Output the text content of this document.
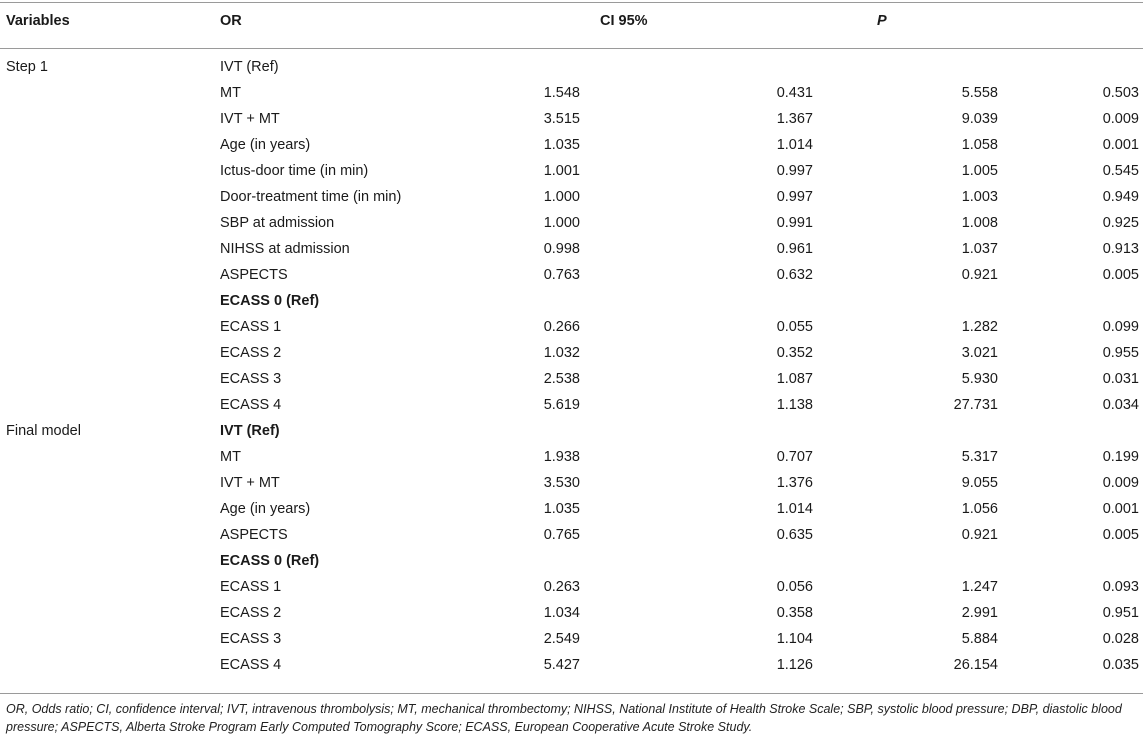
Variables	OR	CI 95%	P
Step 1	IVT (Ref)
MT	1.548	0.431	5.558	0.503
IVT + MT	3.515	1.367	9.039	0.009
Age (in years)	1.035	1.014	1.058	0.001
Ictus-door time (in min)	1.001	0.997	1.005	0.545
Door-treatment time (in min)	1.000	0.997	1.003	0.949
SBP at admission	1.000	0.991	1.008	0.925
NIHSS at admission	0.998	0.961	1.037	0.913
ASPECTS	0.763	0.632	0.921	0.005
ECASS 0 (Ref)
ECASS 1	0.266	0.055	1.282	0.099
ECASS 2	1.032	0.352	3.021	0.955
ECASS 3	2.538	1.087	5.930	0.031
ECASS 4	5.619	1.138	27.731	0.034
Final model	IVT (Ref)
MT	1.938	0.707	5.317	0.199
IVT + MT	3.530	1.376	9.055	0.009
Age (in years)	1.035	1.014	1.056	0.001
ASPECTS	0.765	0.635	0.921	0.005
ECASS 0 (Ref)
ECASS 1	0.263	0.056	1.247	0.093
ECASS 2	1.034	0.358	2.991	0.951
ECASS 3	2.549	1.104	5.884	0.028
ECASS 4	5.427	1.126	26.154	0.035
OR, Odds ratio; CI, confidence interval; IVT, intravenous thrombolysis; MT, mechanical thrombectomy; NIHSS, National Institute of Health Stroke Scale; SBP, systolic blood pressure; DBP, diastolic blood pressure; ASPECTS, Alberta Stroke Program Early Computed Tomography Score; ECASS, European Cooperative Acute Stroke Study.
